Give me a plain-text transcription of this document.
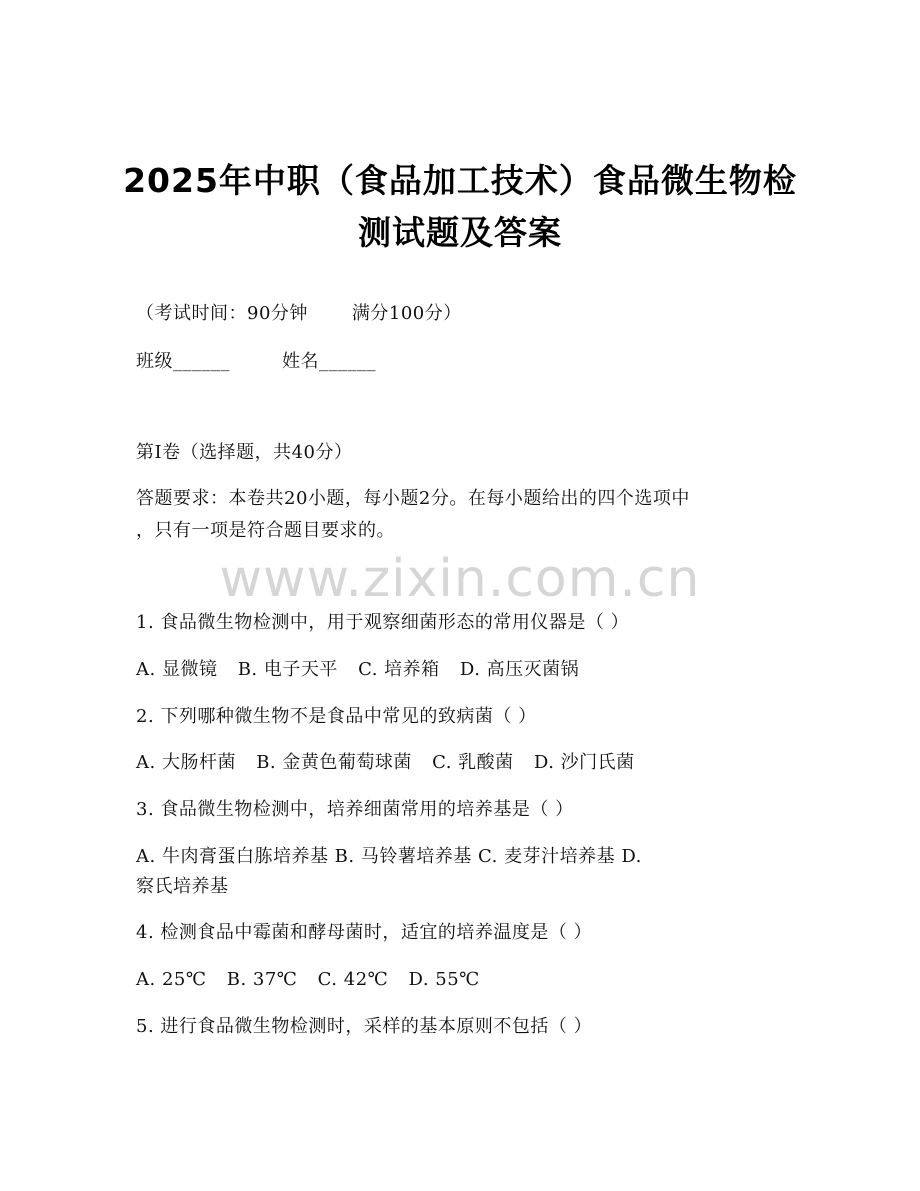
2025年中职（食品加工技术）食品微生物检
测试题及答案
（考试时间：90分钟 满分100分）
班级______	姓名______
第I卷（选择题，共40分）
答题要求：本卷共20小题，每小题2分。在每小题给出的四个选项中
，只有一项是符合题目要求的。
www.zixin.com.cn
1. 食品微生物检测中，用于观察细菌形态的常用仪器是（ ）
A. 显微镜 B. 电子天平 C. 培养箱 D. 高压灭菌锅
2. 下列哪种微生物不是食品中常见的致病菌（ ）
A. 大肠杆菌 B. 金黄色葡萄球菌 C. 乳酸菌 D. 沙门氏菌
3. 食品微生物检测中，培养细菌常用的培养基是（ ）
A. 牛肉膏蛋白胨培养基 B. 马铃薯培养基 C. 麦芽汁培养基 D.
察氏培养基
4. 检测食品中霉菌和酵母菌时，适宜的培养温度是（ ）
A. 25℃ B. 37℃ C. 42℃ D. 55℃
5. 进行食品微生物检测时，采样的基本原则不包括（ ）
